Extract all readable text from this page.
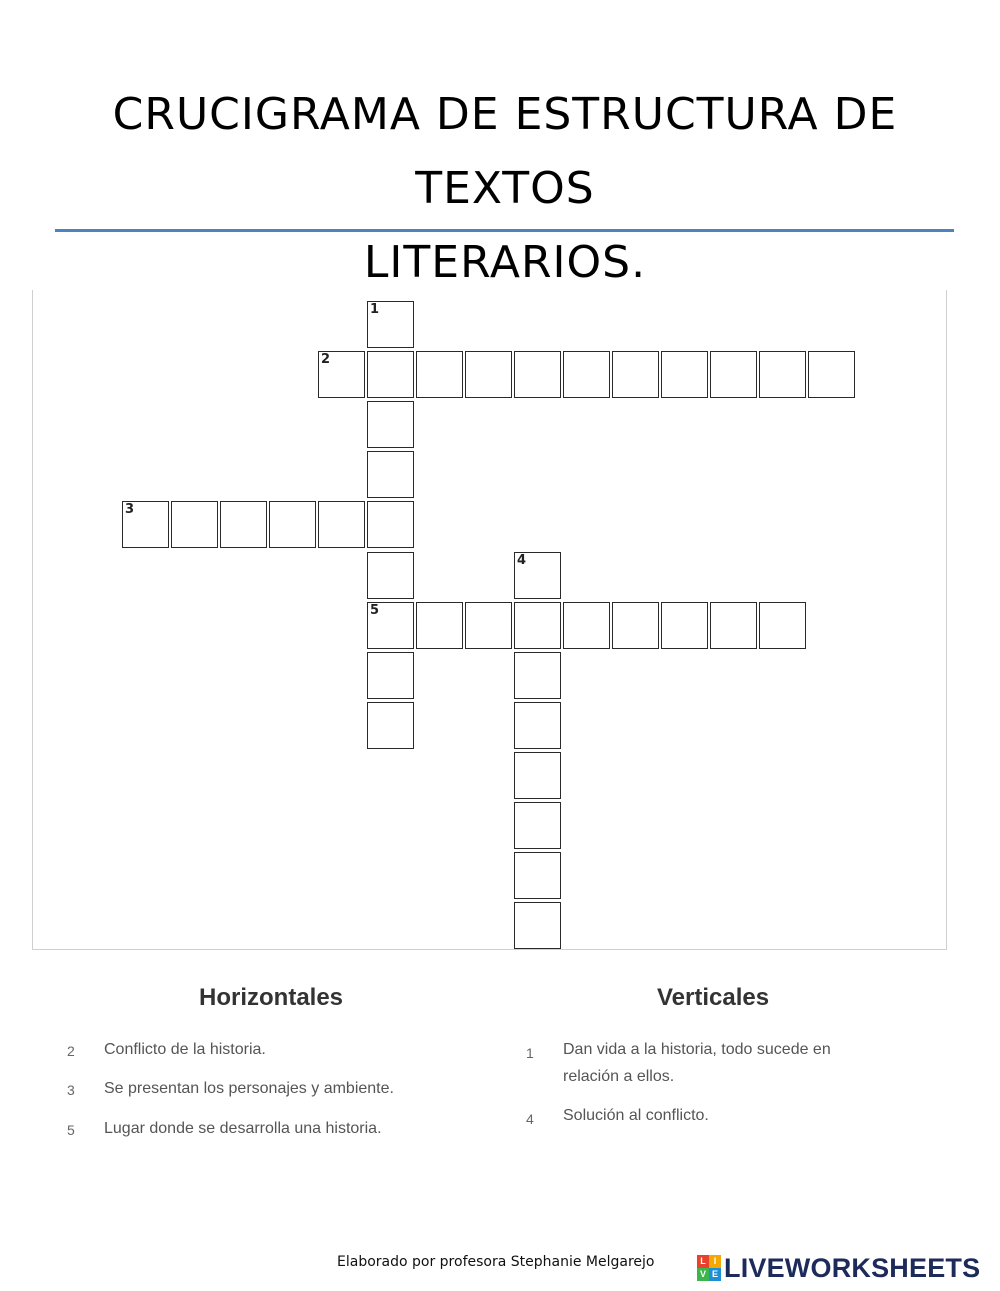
CRUCIGRAMA DE ESTRUCTURA DE TEXTOS
LITERARIOS.
1
5
2
3
4
Horizontales	Verticales
2 Conflicto de la historia.
3 Se presentan los personajes y ambiente.
5 Lugar donde se desarrolla una historia.
1 Dan vida a la historia, todo sucede en relación a ellos.
4 Solución al conflicto.
Elaborado por profesora Stephanie Melgarejo	L I
V E LIVEWORKSHEETS
